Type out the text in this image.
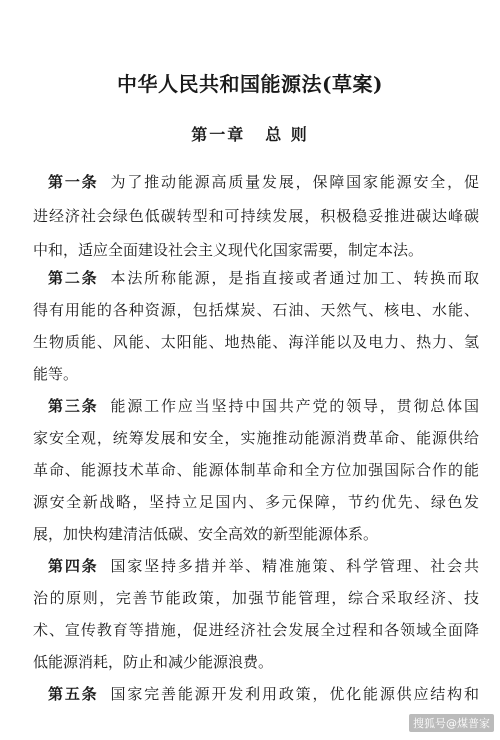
中华人民共和国能源法(草案)
第一章 总 则
第一条 为了推动能源高质量发展，保障国家能源安全，促
进经济社会绿色低碳转型和可持续发展，积极稳妥推进碳达峰碳
中和，适应全面建设社会主义现代化国家需要，制定本法。
第二条 本法所称能源，是指直接或者通过加工、转换而取
得有用能的各种资源，包括煤炭、石油、天然气、核电、水能、
生物质能、风能、太阳能、地热能、海洋能以及电力、热力、氢
能等。
第三条 能源工作应当坚持中国共产党的领导，贯彻总体国
家安全观，统筹发展和安全，实施推动能源消费革命、能源供给
革命、能源技术革命、能源体制革命和全方位加强国际合作的能
源安全新战略，坚持立足国内、多元保障，节约优先、绿色发
展，加快构建清洁低碳、安全高效的新型能源体系。
第四条 国家坚持多措并举、精准施策、科学管理、社会共
治的原则，完善节能政策，加强节能管理，综合采取经济、技
术、宣传教育等措施，促进经济社会发展全过程和各领域全面降
低能源消耗，防止和减少能源浪费。
第五条 国家完善能源开发利用政策，优化能源供应结构和
搜狐号@煤普家
